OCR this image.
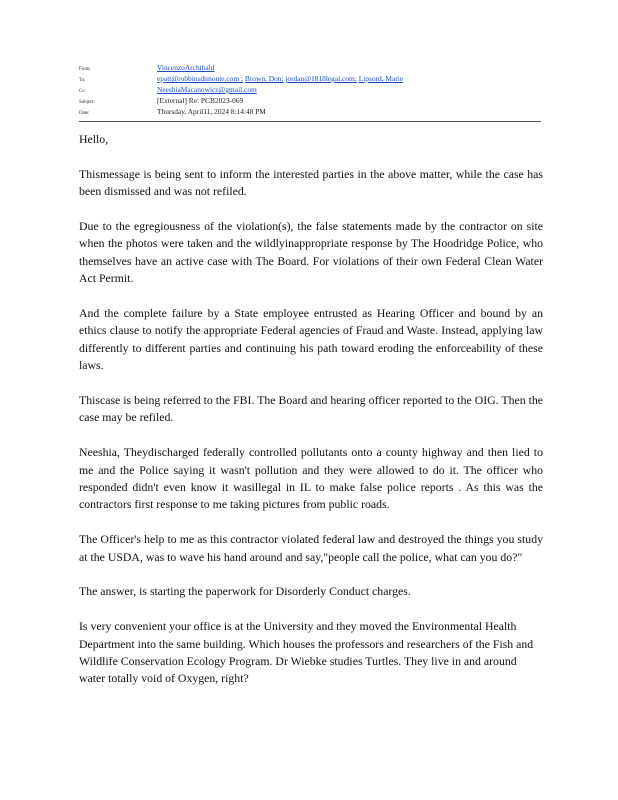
From:	VincenzoArchibald
To:	epatt@robbinsdimonte.com ; Brown, Don; jordan@1818legal.com; Lipsord, Marie
Cc:	NeeshiaMacanowicz@gmail.com
Subject:	[External] Re: PCB2023-069
Date:	Thursday, April11, 2024 8:14:48 PM

Hello,

Thismessage is being sent to inform the interested parties in the above matter, while the case has been dismissed and was not refiled.

Due to the egregiousness of the violation(s), the false statements made by the contractor on site when the photos were taken and the wildlyinappropriate response by The Hoodridge Police, who themselves have an active case with The Board. For violations of their own Federal Clean Water Act Permit.

And the complete failure by a State employee entrusted as Hearing Officer and bound by an ethics clause to notify the appropriate Federal agencies of Fraud and Waste. Instead, applying law differently to different parties and continuing his path toward eroding the enforceability of these laws.

Thiscase is being referred to the FBI. The Board and hearing officer reported to the OIG. Then the case may be refiled.

Neeshia, Theydischarged federally controlled pollutants onto a county highway and then lied to me and the Police saying it wasn't pollution and they were allowed to do it. The officer who responded didn't even know it wasillegal in IL to make false police reports . As this was the contractors first response to me taking pictures from public roads.

The Officer's help to me as this contractor violated federal law and destroyed the things you study at the USDA, was to wave his hand around and say,"people call the police, what can you do?"

The answer, is starting the paperwork for Disorderly Conduct charges.

Is very convenient your office is at the University and they moved the Environmental Health Department into the same building. Which houses the professors and researchers of the Fish and Wildlife Conservation Ecology Program. Dr Wiebke studies Turtles. They live in and around water totally void of Oxygen, right?
